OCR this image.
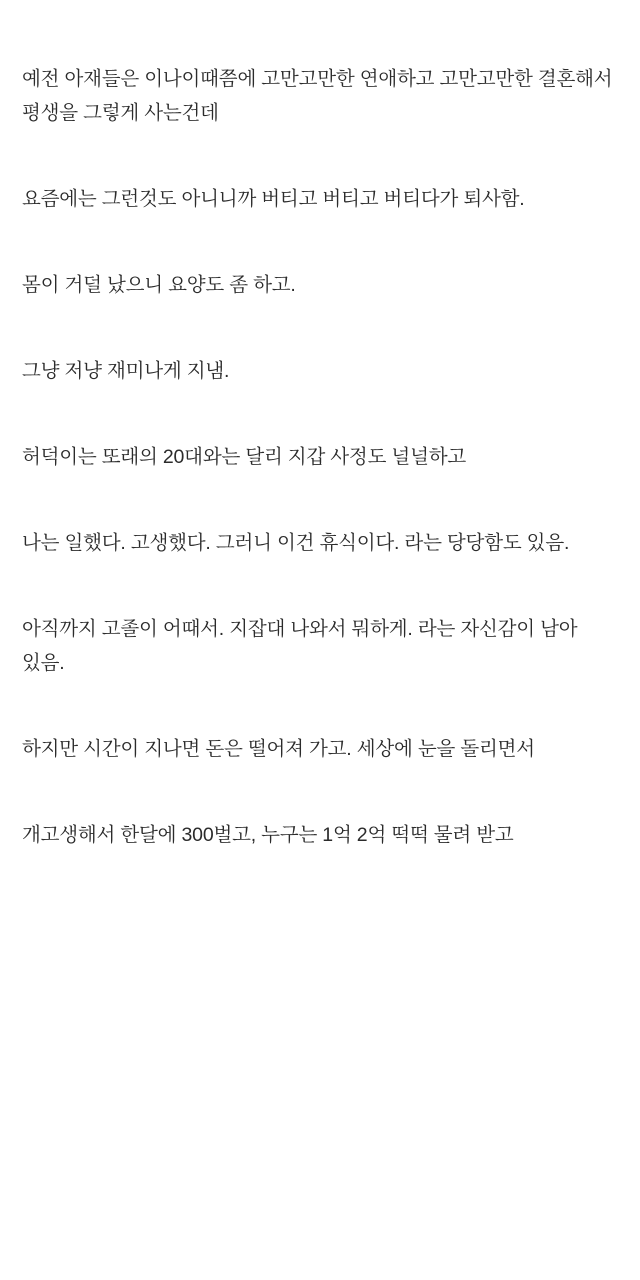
예전 아재들은 이나이때쯤에 고만고만한 연애하고 고만고만한 결혼해서 평생을 그렇게 사는건데

요즘에는 그런것도 아니니까 버티고 버티고 버티다가 퇴사함.

몸이 거덜 났으니 요양도 좀 하고.

그냥 저냥 재미나게 지냄.

허덕이는 또래의 20대와는 달리 지갑 사정도 널널하고

나는 일했다. 고생했다. 그러니 이건 휴식이다. 라는 당당함도 있음.

아직까지 고졸이 어때서. 지잡대 나와서 뭐하게. 라는 자신감이 남아 있음.

하지만 시간이 지나면 돈은 떨어져 가고. 세상에 눈을 돌리면서

개고생해서 한달에 300벌고, 누구는 1억 2억 떡떡 물려 받고
